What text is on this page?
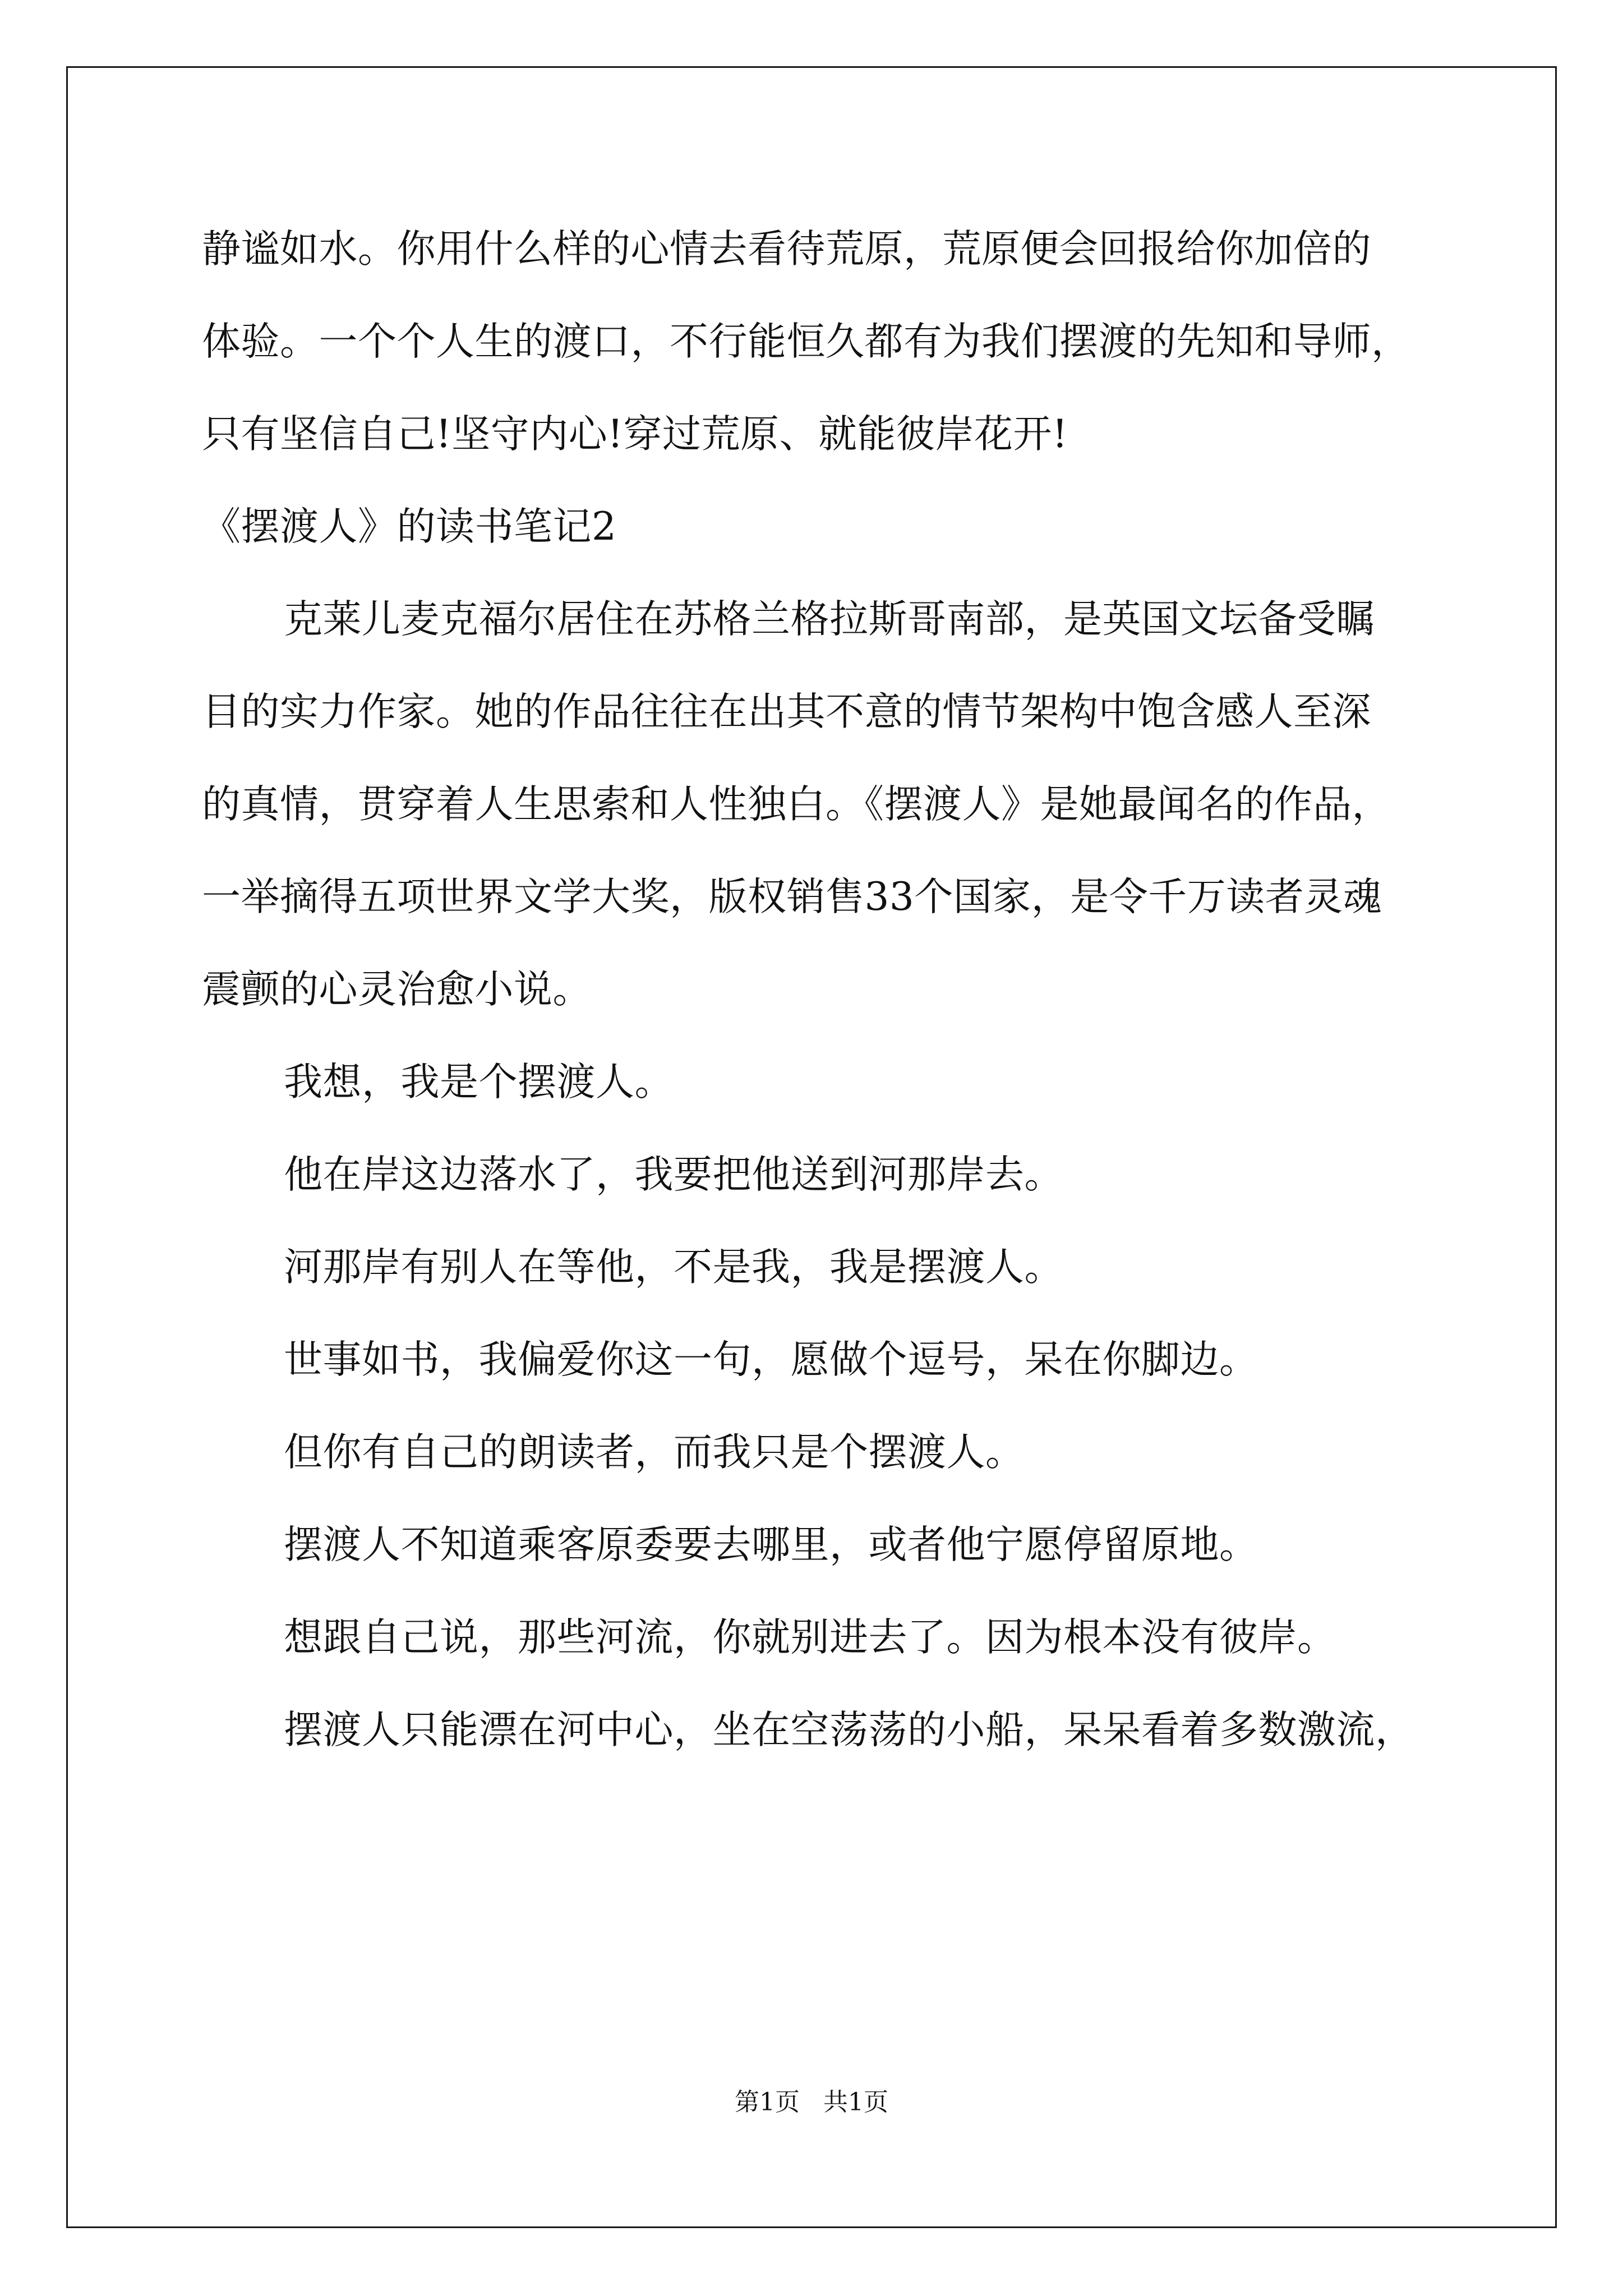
静谧如水。你用什么样的心情去看待荒原，荒原便会回报给你加倍的
体验。一个个人生的渡口，不行能恒久都有为我们摆渡的先知和导师，
只有坚信自己!坚守内心!穿过荒原、就能彼岸花开!
《摆渡人》的读书笔记2
克莱儿麦克福尔居住在苏格兰格拉斯哥南部，是英国文坛备受瞩
目的实力作家。她的作品往往在出其不意的情节架构中饱含感人至深
的真情，贯穿着人生思索和人性独白。《摆渡人》是她最闻名的作品，
一举摘得五项世界文学大奖，版权销售33个国家，是令千万读者灵魂
震颤的心灵治愈小说。
我想，我是个摆渡人。
他在岸这边落水了，我要把他送到河那岸去。
河那岸有别人在等他，不是我，我是摆渡人。
世事如书，我偏爱你这一句，愿做个逗号，呆在你脚边。
但你有自己的朗读者，而我只是个摆渡人。
摆渡人不知道乘客原委要去哪里，或者他宁愿停留原地。
想跟自己说，那些河流，你就别进去了。因为根本没有彼岸。
摆渡人只能漂在河中心，坐在空荡荡的小船，呆呆看着多数激流，
第1页   共1页
